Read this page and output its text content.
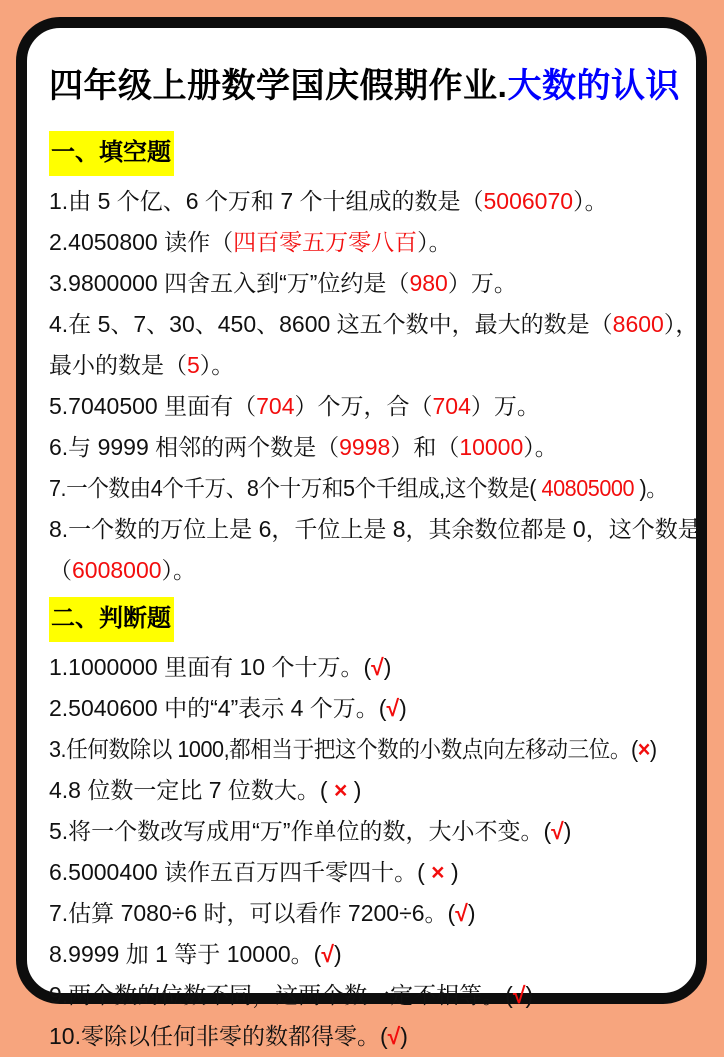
四年级上册数学国庆假期作业.大数的认识
一、填空题
1.由 5 个亿、6 个万和 7 个十组成的数是（5006070）。
2.4050800 读作（四百零五万零八百）。
3.9800000 四舍五入到“万”位约是（980）万。
4.在 5、7、30、450、8600 这五个数中，最大的数是（8600），
最小的数是（5）。
5.7040500 里面有（704）个万，合（704）万。
6.与 9999 相邻的两个数是（9998）和（10000）。
7.一个数由4个千万、8个十万和5个千组成,这个数是( 40805000 )。
8.一个数的万位上是 6，千位上是 8，其余数位都是 0，这个数是
（6008000）。
二、判断题
1.1000000 里面有 10 个十万。(√)
2.5040600 中的“4”表示 4 个万。(√)
3.任何数除以 1000,都相当于把这个数的小数点向左移动三位。(×)
4.8 位数一定比 7 位数大。( × )
5.将一个数改写成用“万”作单位的数，大小不变。(√)
6.5000400 读作五百万四千零四十。( × )
7.估算 7080÷6 时，可以看作 7200÷6。(√)
8.9999 加 1 等于 10000。(√)
9.两个数的位数不同，这两个数一定不相等。(√)
10.零除以任何非零的数都得零。(√)
